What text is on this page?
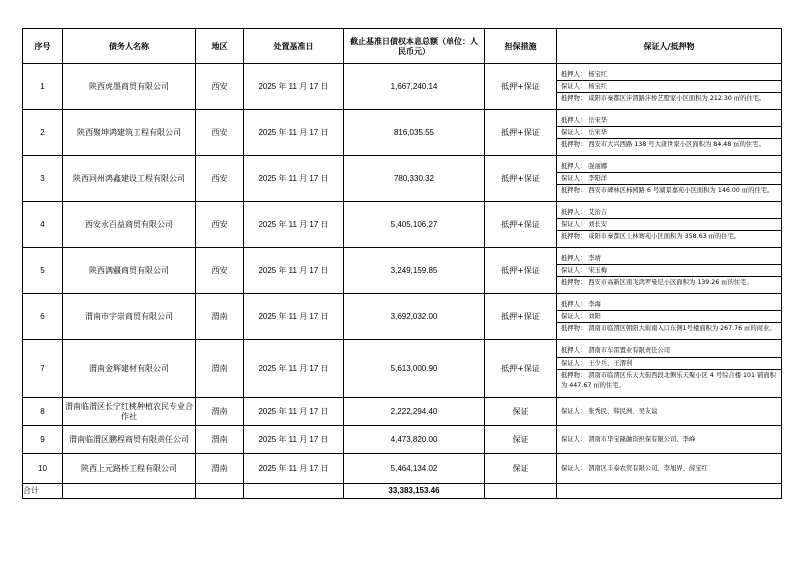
序号	债务人名称	地区	处置基准日	截止基准日债权本息总额（单位：人民币元）	担保措施	保证人/抵押物
1	陕西虎墨商贸有限公司	西安	2025 年 11 月 17 日	1,667,240.14	抵押+保证	抵押人： 杨宝红
保证人： 杨宝红
抵押物： 咸阳市秦都区沣渭路沣桥艺墅家小区面积为 212.30 ㎡的住宅。

2	陕西聚坤鸿建筑工程有限公司	西安	2025 年 11 月 17 日	816,035.55	抵押+保证	抵押人： 岳宋华
保证人： 岳宋华
抵押物： 西安市大兴西路 138 号大唐世家小区面积为 84.48 ㎡的住宅。

3	陕西同州鸿鑫建设工程有限公司	西安	2025 年 11 月 17 日	780,330.32	抵押+保证	抵押人： 强丽娜
保证人： 李阳洋
抵押物： 西安市碑林区柿园路 6 号湖景嘉苑小区面积为 146.00 ㎡的住宅。

4	西安永百益商贸有限公司	西安	2025 年 11 月 17 日	5,405,106.27	抵押+保证	抵押人： 艾治吉
保证人： 刘长安
抵押物： 咸阳市秦都区上林赛苑小区面积为 358.63 ㎡的住宅。

5	陕西满疆商贸有限公司	西安	2025 年 11 月 17 日	3,249,159.85	抵押+保证	抵押人： 李靖
保证人： 宋玉梅
抵押物： 西安市高新区南飞鸿罗曼尼小区面积为 139.26 ㎡的住宅。

6	渭南市宇崇商贸有限公司	渭南	2025 年 11 月 17 日	3,692,032.00	抵押+保证	抵押人： 李海
保证人： 刘阳
抵押物： 渭南市临渭区朝阳大街南入口东侧1号楼面积为 267.76 ㎡的商业。

7	渭南金辉建材有限公司	渭南	2025 年 11 月 17 日	5,613,000.90	抵押+保证	抵押人： 渭南市车雷置业有限责任公司
保证人： 王少兵、王渭利
抵押物： 渭南市临渭区乐天大街西段北侧乐天聚小区 4 号综合楼 101 铺面积为 447.67 ㎡的住宅。

8	渭南临渭区长宁红桃种植农民专业合作社	渭南	2025 年 11 月 17 日	2,222,294.40	保证	保证人： 张秀民、韩民洲、吴友谊

9	渭南临渭区鹏程商贸有限责任公司	渭南	2025 年 11 月 17 日	4,473,820.00	保证	保证人： 渭南市华宝隆融资担保有限公司、李峰

10	陕西上元路桥工程有限公司	渭南	2025 年 11 月 17 日	5,464,134.02	保证	保证人： 渭南区丰泰农贸有限公司、李旭界、薛宝红

合计				33,383,153.46		
